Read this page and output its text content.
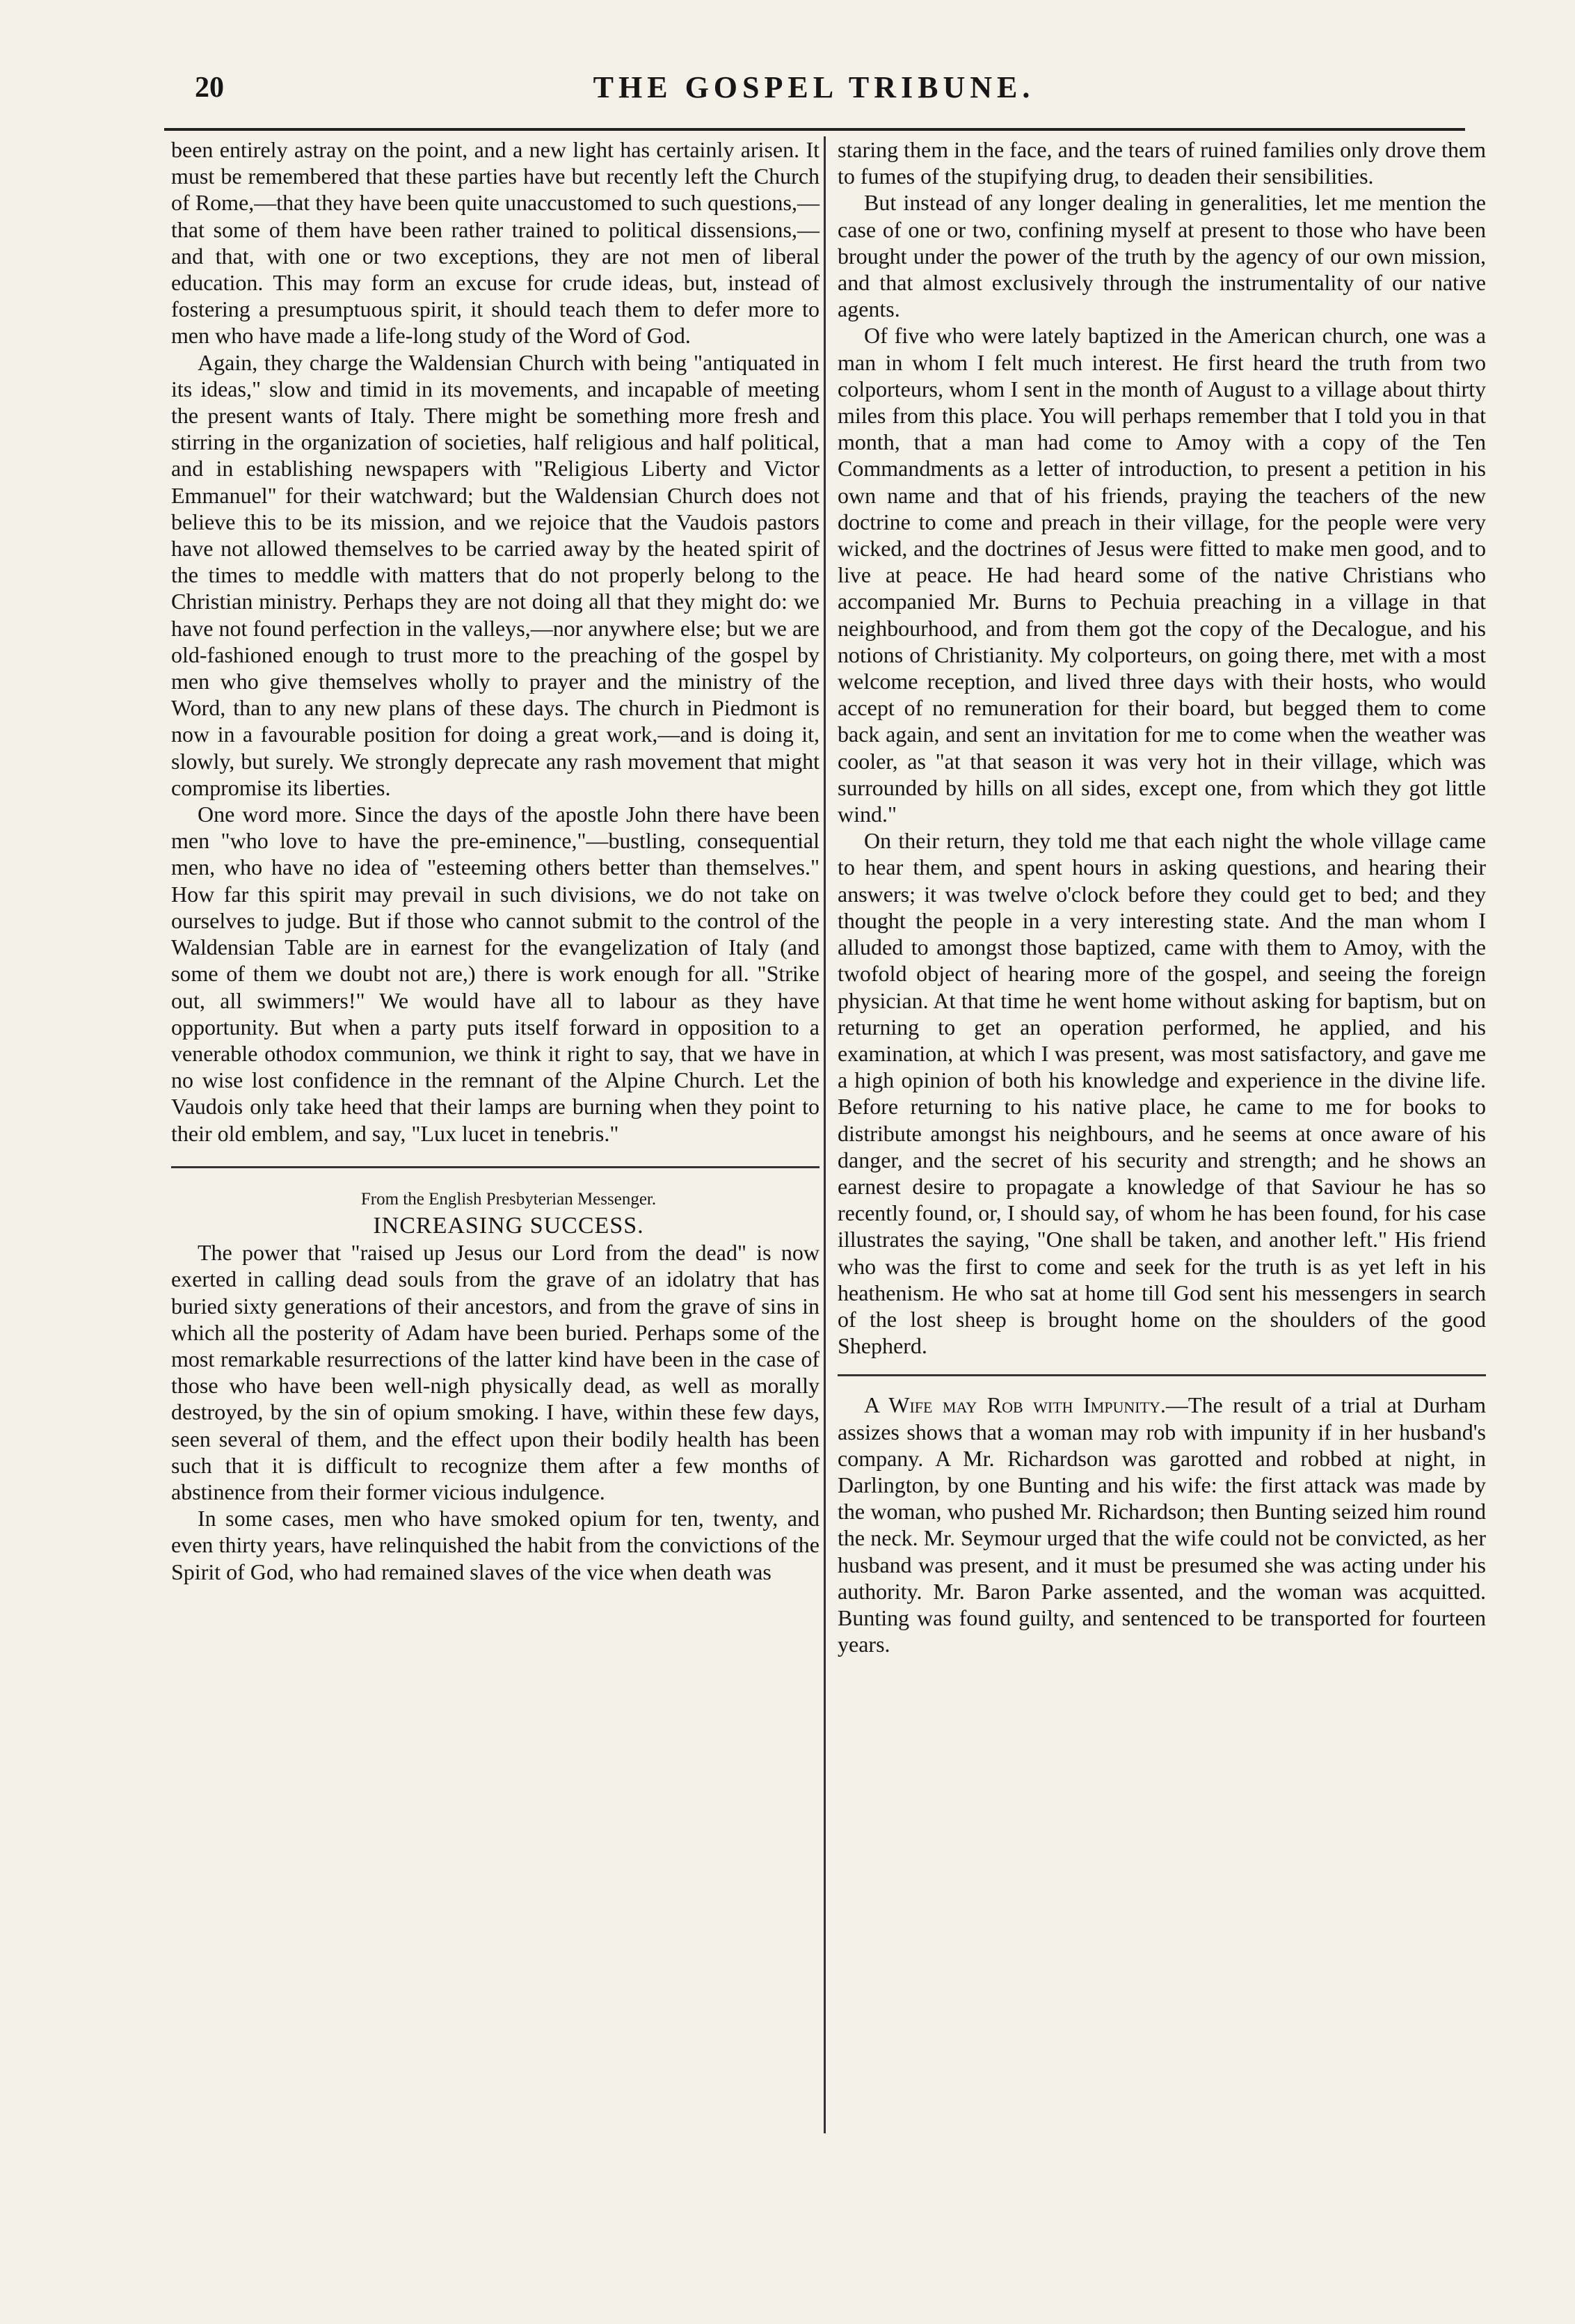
20	THE GOSPEL TRIBUNE.

been entirely astray on the point, and a new light has certainly arisen. It must be remembered that these parties have but recently left the Church of Rome,—that they have been quite unaccustomed to such questions,—that some of them have been rather trained to political dissensions,—and that, with one or two exceptions, they are not men of liberal education. This may form an excuse for crude ideas, but, instead of fostering a presumptuous spirit, it should teach them to defer more to men who have made a life-long study of the Word of God.

Again, they charge the Waldensian Church with being "antiquated in its ideas," slow and timid in its movements, and incapable of meeting the present wants of Italy. There might be something more fresh and stirring in the organization of societies, half religious and half political, and in establishing newspapers with "Religious Liberty and Victor Emmanuel" for their watchward; but the Waldensian Church does not believe this to be its mission, and we rejoice that the Vaudois pastors have not allowed themselves to be carried away by the heated spirit of the times to meddle with matters that do not properly belong to the Christian ministry. Perhaps they are not doing all that they might do: we have not found perfection in the valleys,—nor anywhere else; but we are old-fashioned enough to trust more to the preaching of the gospel by men who give themselves wholly to prayer and the ministry of the Word, than to any new plans of these days. The church in Piedmont is now in a favourable position for doing a great work,—and is doing it, slowly, but surely. We strongly deprecate any rash movement that might compromise its liberties.

One word more. Since the days of the apostle John there have been men "who love to have the pre-eminence,"—bustling, consequential men, who have no idea of "esteeming others better than themselves." How far this spirit may prevail in such divisions, we do not take on ourselves to judge. But if those who cannot submit to the control of the Waldensian Table are in earnest for the evangelization of Italy (and some of them we doubt not are,) there is work enough for all. "Strike out, all swimmers!" We would have all to labour as they have opportunity. But when a party puts itself forward in opposition to a venerable othodox communion, we think it right to say, that we have in no wise lost confidence in the remnant of the Alpine Church. Let the Vaudois only take heed that their lamps are burning when they point to their old emblem, and say, "Lux lucet in tenebris."

From the English Presbyterian Messenger.

INCREASING SUCCESS.

The power that "raised up Jesus our Lord from the dead" is now exerted in calling dead souls from the grave of an idolatry that has buried sixty generations of their ancestors, and from the grave of sins in which all the posterity of Adam have been buried. Perhaps some of the most remarkable resurrections of the latter kind have been in the case of those who have been well-nigh physically dead, as well as morally destroyed, by the sin of opium smoking. I have, within these few days, seen several of them, and the effect upon their bodily health has been such that it is difficult to recognize them after a few months of abstinence from their former vicious indulgence.

In some cases, men who have smoked opium for ten, twenty, and even thirty years, have relinquished the habit from the convictions of the Spirit of God, who had remained slaves of the vice when death was

staring them in the face, and the tears of ruined families only drove them to fumes of the stupifying drug, to deaden their sensibilities.

But instead of any longer dealing in generalities, let me mention the case of one or two, confining myself at present to those who have been brought under the power of the truth by the agency of our own mission, and that almost exclusively through the instrumentality of our native agents.

Of five who were lately baptized in the American church, one was a man in whom I felt much interest. He first heard the truth from two colporteurs, whom I sent in the month of August to a village about thirty miles from this place. You will perhaps remember that I told you in that month, that a man had come to Amoy with a copy of the Ten Commandments as a letter of introduction, to present a petition in his own name and that of his friends, praying the teachers of the new doctrine to come and preach in their village, for the people were very wicked, and the doctrines of Jesus were fitted to make men good, and to live at peace. He had heard some of the native Christians who accompanied Mr. Burns to Pechuia preaching in a village in that neighbourhood, and from them got the copy of the Decalogue, and his notions of Christianity. My colporteurs, on going there, met with a most welcome reception, and lived three days with their hosts, who would accept of no remuneration for their board, but begged them to come back again, and sent an invitation for me to come when the weather was cooler, as "at that season it was very hot in their village, which was surrounded by hills on all sides, except one, from which they got little wind."

On their return, they told me that each night the whole village came to hear them, and spent hours in asking questions, and hearing their answers; it was twelve o'clock before they could get to bed; and they thought the people in a very interesting state. And the man whom I alluded to amongst those baptized, came with them to Amoy, with the twofold object of hearing more of the gospel, and seeing the foreign physician. At that time he went home without asking for baptism, but on returning to get an operation performed, he applied, and his examination, at which I was present, was most satisfactory, and gave me a high opinion of both his knowledge and experience in the divine life. Before returning to his native place, he came to me for books to distribute amongst his neighbours, and he seems at once aware of his danger, and the secret of his security and strength; and he shows an earnest desire to propagate a knowledge of that Saviour he has so recently found, or, I should say, of whom he has been found, for his case illustrates the saying, "One shall be taken, and another left." His friend who was the first to come and seek for the truth is as yet left in his heathenism. He who sat at home till God sent his messengers in search of the lost sheep is brought home on the shoulders of the good Shepherd.

A Wife may Rob with Impunity.—The result of a trial at Durham assizes shows that a woman may rob with impunity if in her husband's company. A Mr. Richardson was garotted and robbed at night, in Darlington, by one Bunting and his wife: the first attack was made by the woman, who pushed Mr. Richardson; then Bunting seized him round the neck. Mr. Seymour urged that the wife could not be convicted, as her husband was present, and it must be presumed she was acting under his authority. Mr. Baron Parke assented, and the woman was acquitted. Bunting was found guilty, and sentenced to be transported for fourteen years.
